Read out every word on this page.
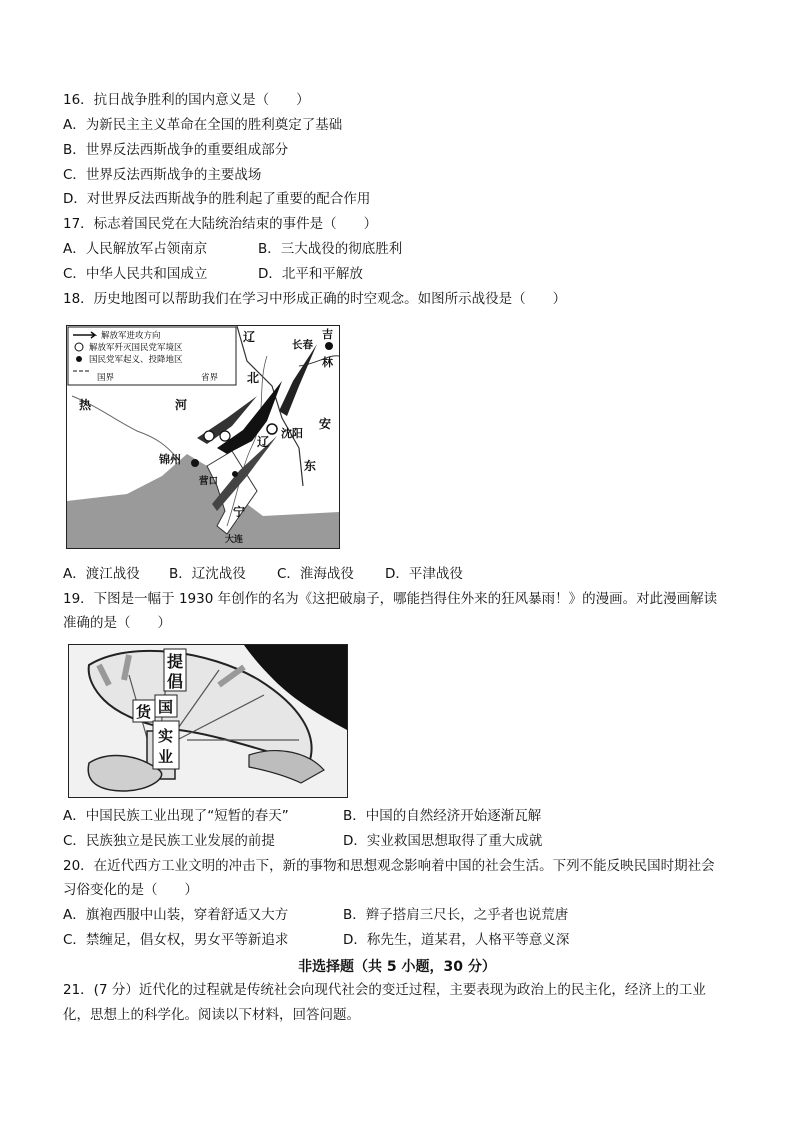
16．抗日战争胜利的国内意义是（　　）
A．为新民主主义革命在全国的胜利奠定了基础
B．世界反法西斯战争的重要组成部分
C．世界反法西斯战争的主要战场
D．对世界反法西斯战争的胜利起了重要的配合作用
17．标志着国民党在大陆统治结束的事件是（　　）
A．人民解放军占领南京	B．三大战役的彻底胜利
C．中华人民共和国成立	D．北平和平解放
18．历史地图可以帮助我们在学习中形成正确的时空观念。如图所示战役是（　　）
解放军进攻方向
解放军歼灭国民党军境区
国民党军起义、投降地区
国界	省界
热	河
辽
北
吉
林
安
东
辽
宁
长春
沈阳
锦州
营口
大连
A．渡江战役 B．辽沈战役 C．淮海战役 D．平津战役
19．下图是一幅于 1930 年创作的名为《这把破扇子，哪能挡得住外来的狂风暴雨！》的漫画。对此漫画解读
准确的是（　　）
提
倡
国
货
实
业
A．中国民族工业出现了“短暂的春天”	B．中国的自然经济开始逐渐瓦解
C．民族独立是民族工业发展的前提	D．实业救国思想取得了重大成就
20．在近代西方工业文明的冲击下，新的事物和思想观念影响着中国的社会生活。下列不能反映民国时期社会
习俗变化的是（　　）
A．旗袍西服中山装，穿着舒适又大方	B．辫子搭肩三尺长，之乎者也说荒唐
C．禁缠足，倡女权，男女平等新追求	D．称先生，道某君，人格平等意义深
非选择题（共 5 小题，30 分）
21．(7 分）近代化的过程就是传统社会向现代社会的变迁过程，主要表现为政治上的民主化，经济上的工业
化，思想上的科学化。阅读以下材料，回答问题。
